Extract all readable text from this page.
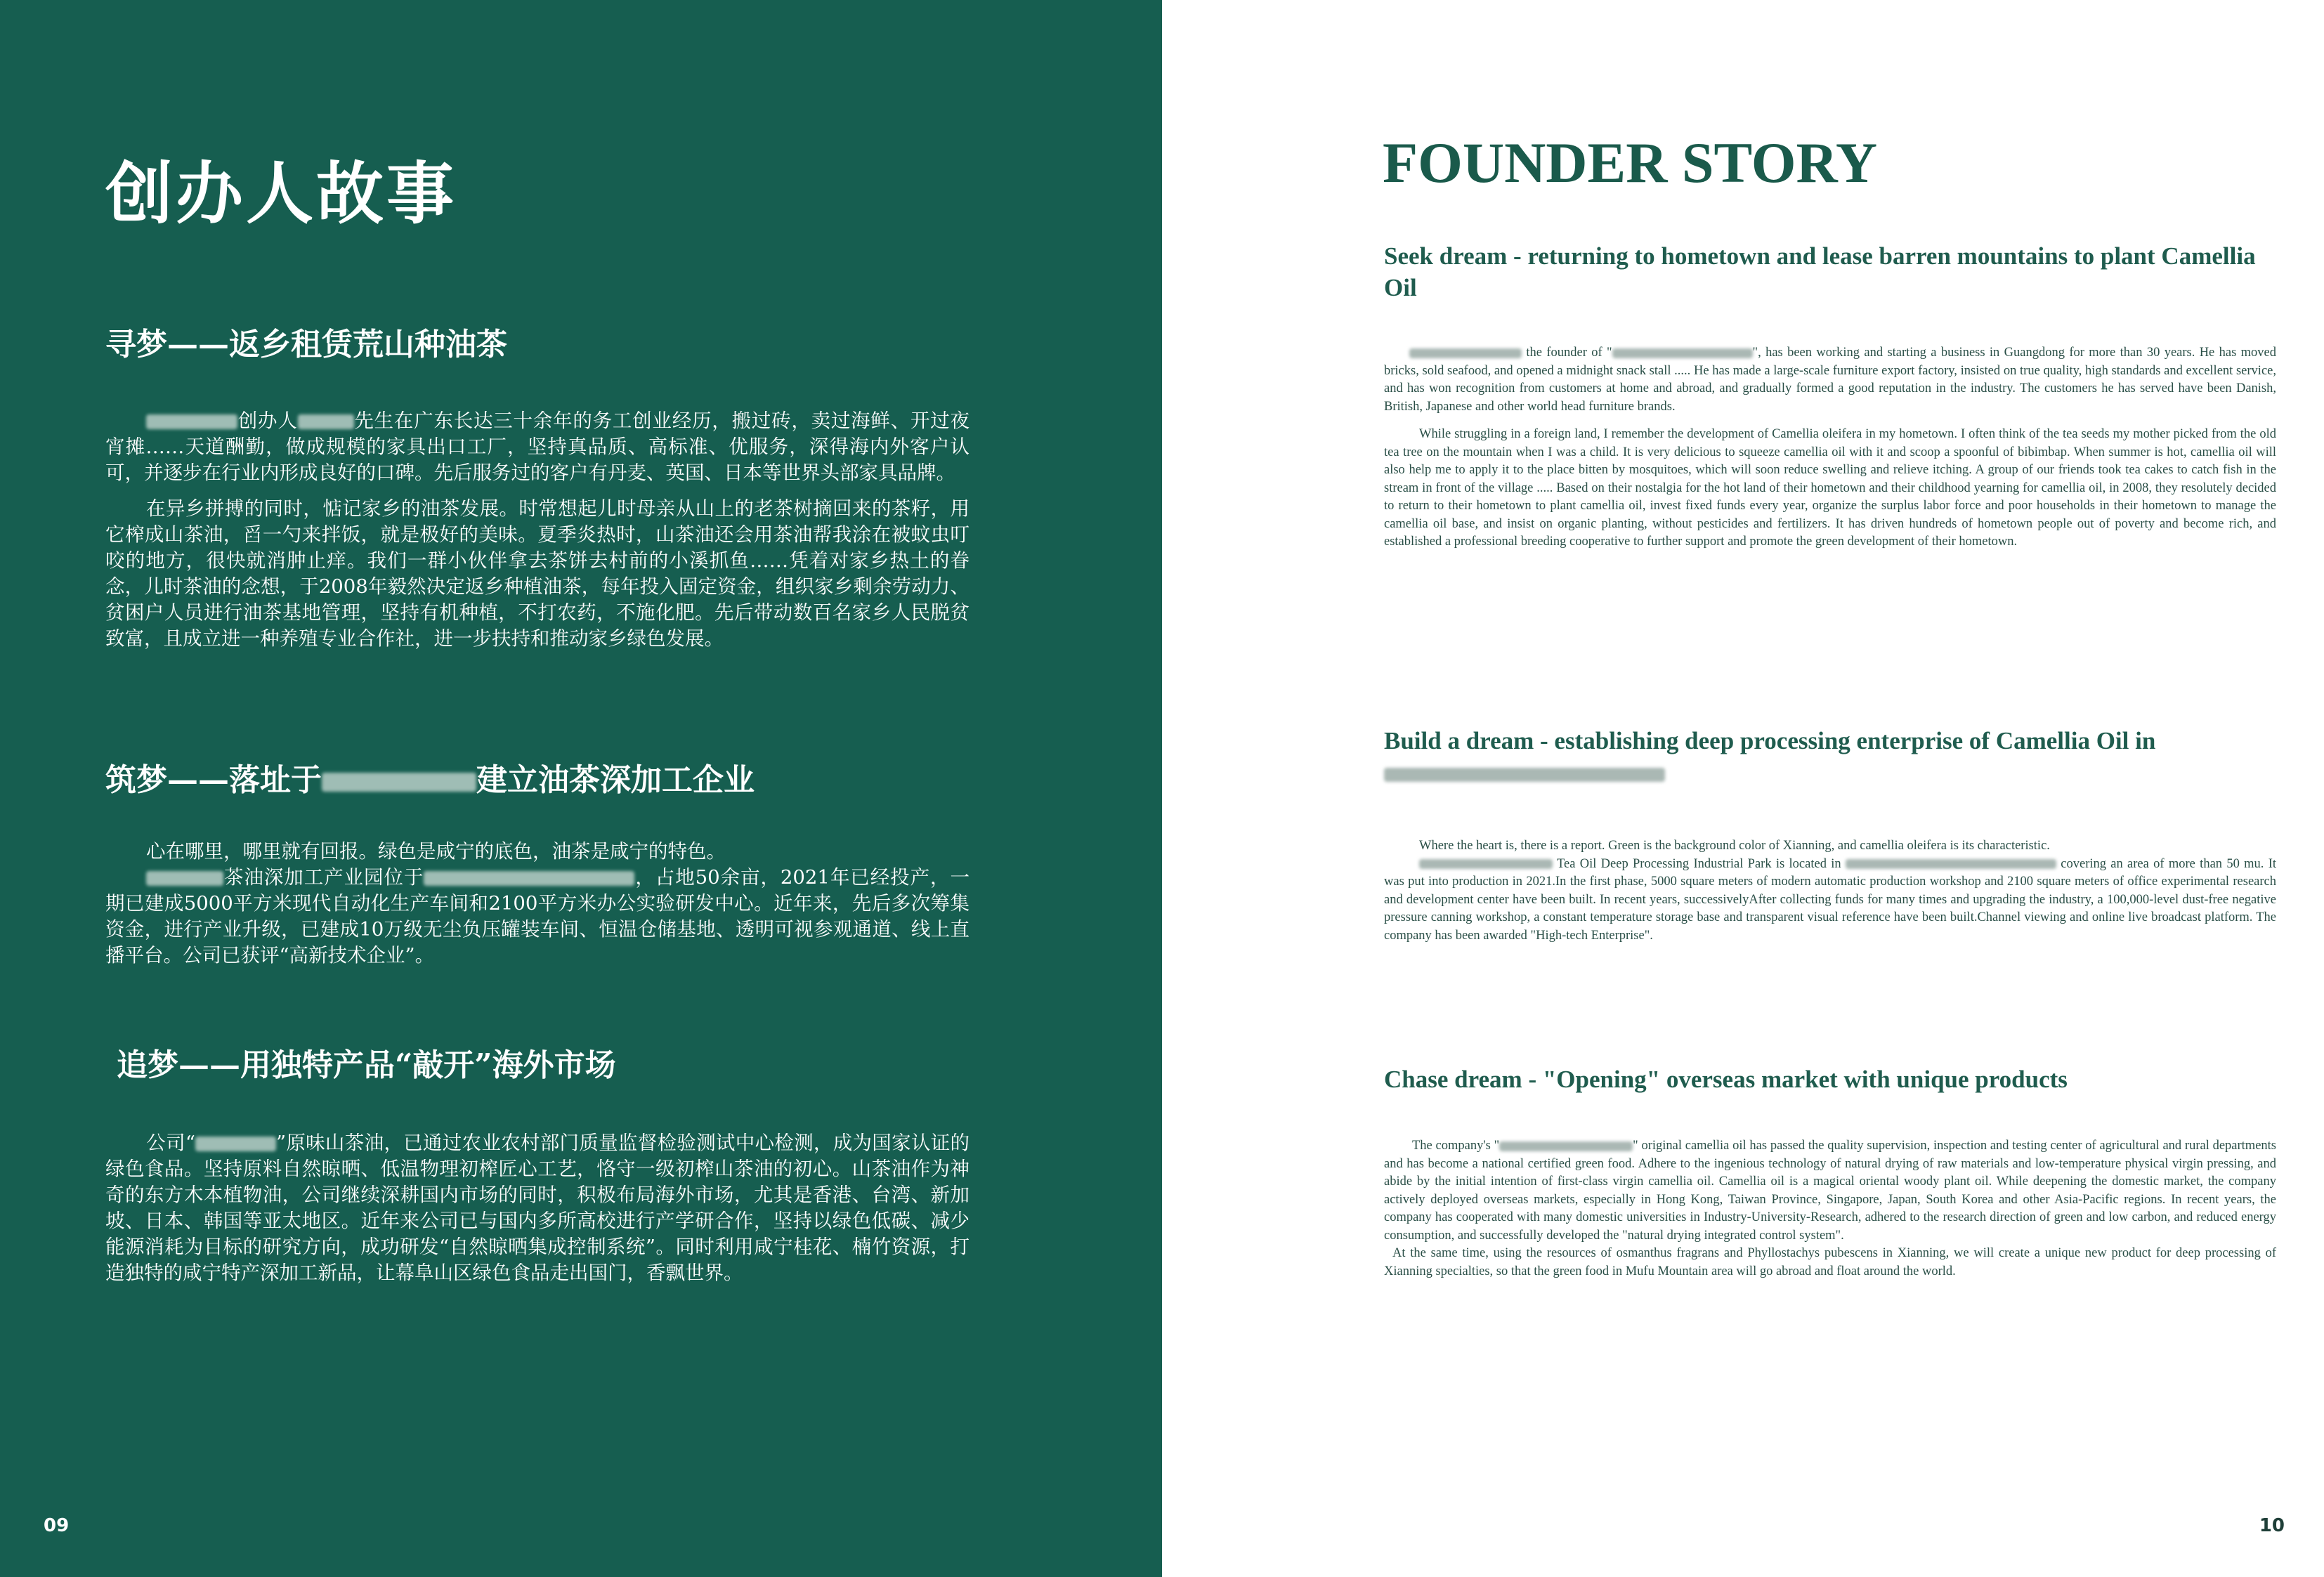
创办人故事
寻梦——返乡租赁荒山种油茶

创办人	先生在广东长达三十余年的务工创业经历，搬过砖，卖过海鲜、开过夜宵摊……天道酬勤，做成规模的家具出口工厂，坚持真品质、高标准、优服务，深得海内外客户认可，并逐步在行业内形成良好的口碑。先后服务过的客户有丹麦、英国、日本等世界头部家具品牌。

在异乡拼搏的同时，惦记家乡的油茶发展。时常想起儿时母亲从山上的老茶树摘回来的茶籽，用它榨成山茶油，舀一勺来拌饭，就是极好的美味。夏季炎热时，山茶油还会用茶油帮我涂在被蚊虫叮咬的地方，很快就消肿止痒。我们一群小伙伴拿去茶饼去村前的小溪抓鱼……凭着对家乡热土的眷念，儿时茶油的念想，于2008年毅然决定返乡种植油茶，每年投入固定资金，组织家乡剩余劳动力、贫困户人员进行油茶基地管理，坚持有机种植，不打农药，不施化肥。先后带动数百名家乡人民脱贫致富，且成立进一种养殖专业合作社，进一步扶持和推动家乡绿色发展。

筑梦——落址于	建立油茶深加工企业

心在哪里，哪里就有回报。绿色是咸宁的底色，油茶是咸宁的特色。

茶油深加工产业园位于	，占地50余亩，2021年已经投产，一期已建成5000平方米现代自动化生产车间和2100平方米办公实验研发中心。近年来，先后多次筹集资金，进行产业升级，已建成10万级无尘负压罐装车间、恒温仓储基地、透明可视参观通道、线上直播平台。公司已获评“高新技术企业”。

追梦——用独特产品“敲开”海外市场

公司“	”原味山茶油，已通过农业农村部门质量监督检验测试中心检测，成为国家认证的绿色食品。坚持原料自然晾晒、低温物理初榨匠心工艺，恪守一级初榨山茶油的初心。山茶油作为神奇的东方木本植物油，公司继续深耕国内市场的同时，积极布局海外市场，尤其是香港、台湾、新加坡、日本、韩国等亚太地区。近年来公司已与国内多所高校进行产学研合作，坚持以绿色低碳、减少能源消耗为目标的研究方向，成功研发“自然晾晒集成控制系统”。同时利用咸宁桂花、楠竹资源，打造独特的咸宁特产深加工新品，让幕阜山区绿色食品走出国门，香飘世界。

09
FOUNDER STORY
Seek dream - returning to hometown and lease barren mountains to plant Camellia Oil

the founder of "	", has been working and starting a business in Guangdong for more than 30 years. He has moved bricks, sold seafood, and opened a midnight snack stall ..... He has made a large-scale furniture export factory, insisted on true quality, high standards and excellent service, and has won recognition from customers at home and abroad, and gradually formed a good reputation in the industry. The customers he has served have been Danish, British, Japanese and other world head furniture brands.

While struggling in a foreign land, I remember the development of Camellia oleifera in my hometown. I often think of the tea seeds my mother picked from the old tea tree on the mountain when I was a child. It is very delicious to squeeze camellia oil with it and scoop a spoonful of bibimbap. When summer is hot, camellia oil will also help me to apply it to the place bitten by mosquitoes, which will soon reduce swelling and relieve itching. A group of our friends took tea cakes to catch fish in the stream in front of the village ..... Based on their nostalgia for the hot land of their hometown and their childhood yearning for camellia oil, in 2008, they resolutely decided to return to their hometown to plant camellia oil, invest fixed funds every year, organize the surplus labor force and poor households in their hometown to manage the camellia oil base, and insist on organic planting, without pesticides and fertilizers. It has driven hundreds of hometown people out of poverty and become rich, and established a professional breeding cooperative to further support and promote the green development of their hometown.

Build a dream - establishing deep processing enterprise of Camellia Oil in

Where the heart is, there is a report. Green is the background color of Xianning, and camellia oleifera is its characteristic.

Tea Oil Deep Processing Industrial Park is located in	covering an area of more than 50 mu. It was put into production in 2021.In the first phase, 5000 square meters of modern automatic production workshop and 2100 square meters of office experimental research and development center have been built. In recent years, successivelyAfter collecting funds for many times and upgrading the industry, a 100,000-level dust-free negative pressure canning workshop, a constant temperature storage base and transparent visual reference have been built.Channel viewing and online live broadcast platform. The company has been awarded "High-tech Enterprise".

Chase dream - "Opening" overseas market with unique products

The company's "	" original camellia oil has passed the quality supervision, inspection and testing center of agricultural and rural departments and has become a national certified green food. Adhere to the ingenious technology of natural drying of raw materials and low-temperature physical virgin pressing, and abide by the initial intention of first-class virgin camellia oil. Camellia oil is a magical oriental woody plant oil. While deepening the domestic market, the company actively deployed overseas markets, especially in Hong Kong, Taiwan Province, Singapore, Japan, South Korea and other Asia-Pacific regions. In recent years, the company has cooperated with many domestic universities in Industry-University-Research, adhered to the research direction of green and low carbon, and reduced energy consumption, and successfully developed the "natural drying integrated control system".

At the same time, using the resources of osmanthus fragrans and Phyllostachys pubescens in Xianning, we will create a unique new product for deep processing of Xianning specialties, so that the green food in Mufu Mountain area will go abroad and float around the world.

10
